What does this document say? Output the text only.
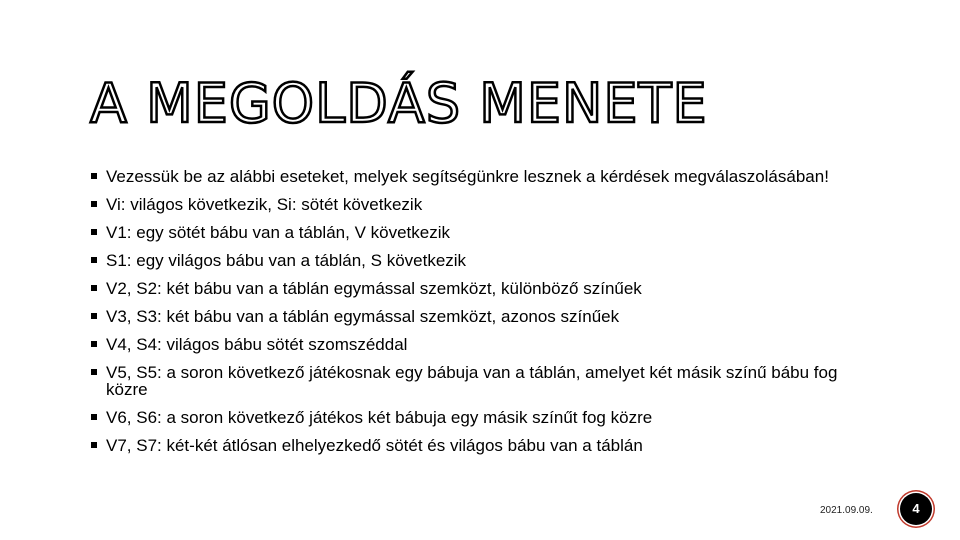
A MEGOLDÁS MENETE
Vezessük be az alábbi eseteket, melyek segítségünkre lesznek a kérdések megválaszolásában!
Vi: világos következik, Si: sötét következik
V1: egy sötét bábu van a táblán, V következik
S1: egy világos bábu van a táblán, S következik
V2, S2: két bábu van a táblán egymással szemközt, különböző színűek
V3, S3: két bábu van a táblán egymással szemközt, azonos színűek
V4, S4: világos bábu sötét szomszéddal
V5, S5: a soron következő játékosnak egy bábuja van a táblán, amelyet két másik színű bábu fog közre
V6, S6: a soron következő játékos két bábuja egy másik színűt fog közre
V7, S7: két-két átlósan elhelyezkedő sötét és világos bábu van a táblán
2021.09.09.	4
